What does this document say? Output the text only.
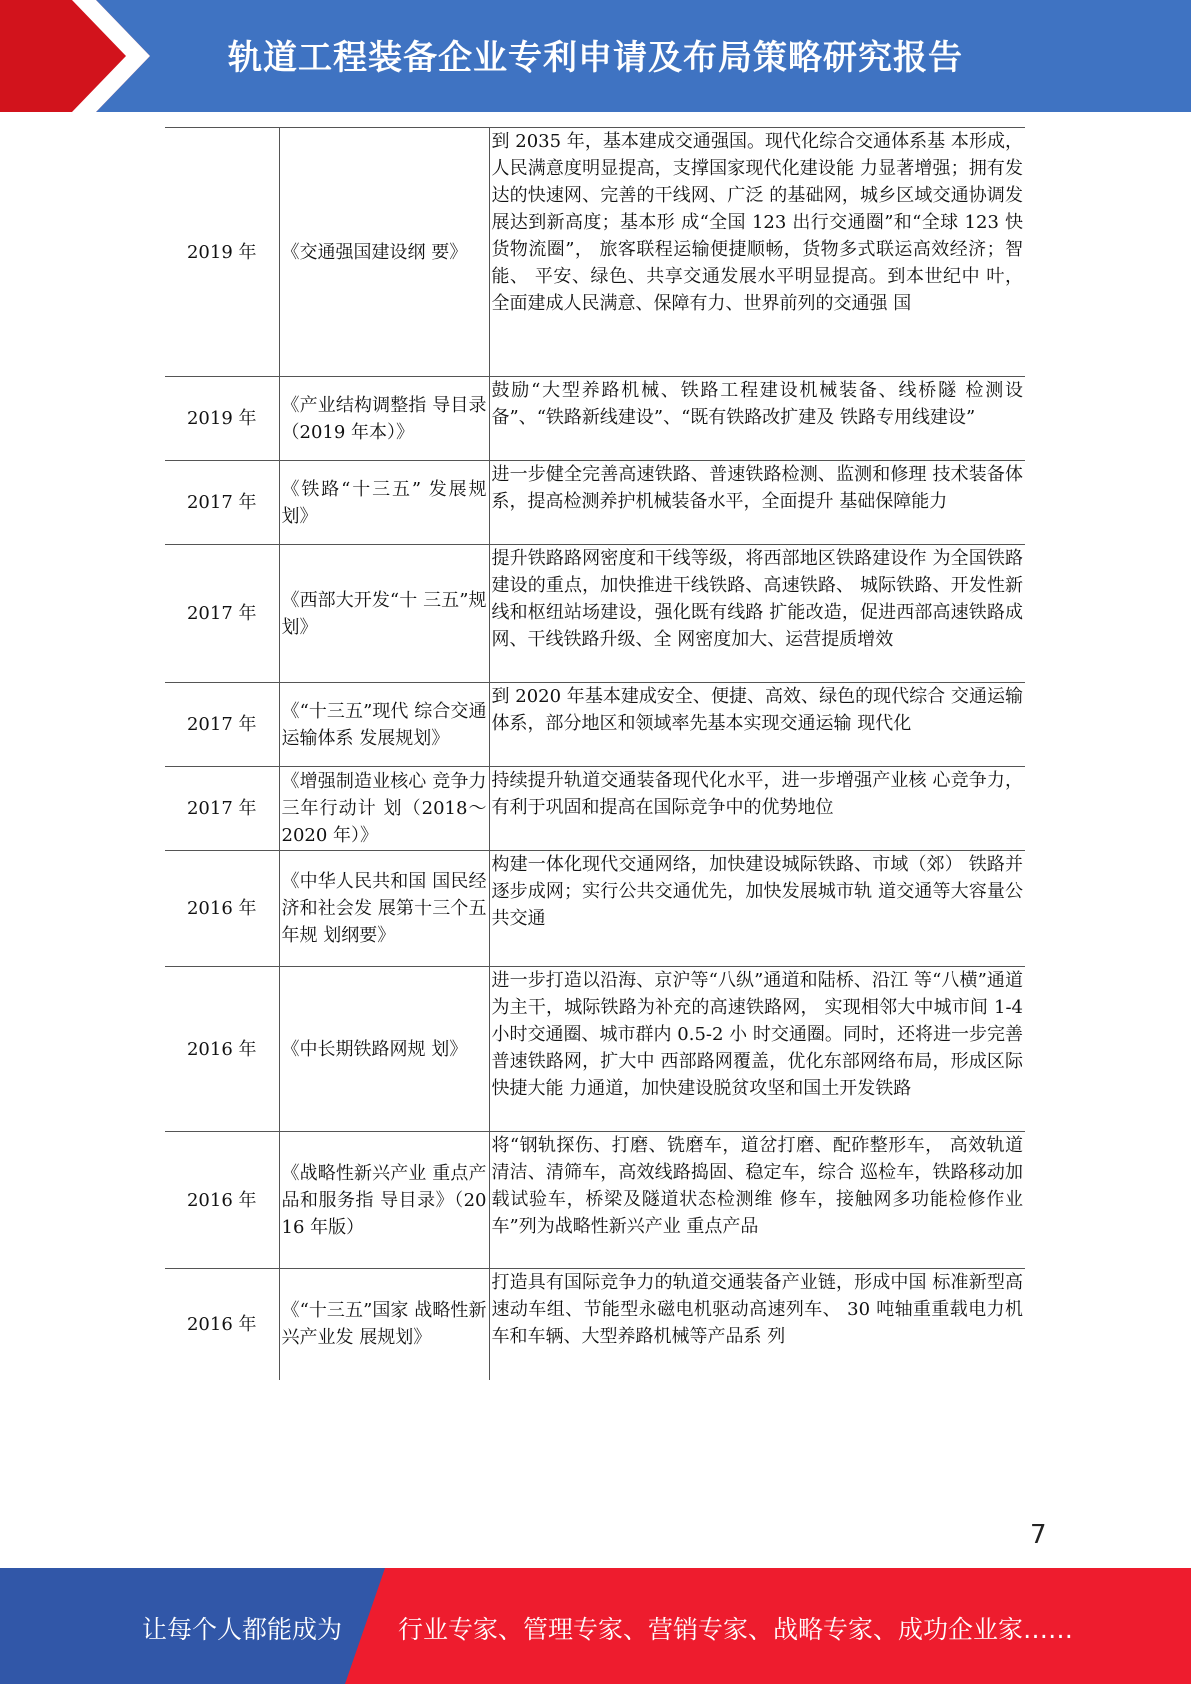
轨道工程装备企业专利申请及布局策略研究报告
2019 年	《交通强国建设纲 要》	到 2035 年，基本建成交通强国。现代化综合交通体系基 本形成，人民满意度明显提高，支撑国家现代化建设能 力显著增强；拥有发达的快速网、完善的干线网、广泛 的基础网，城乡区域交通协调发展达到新高度；基本形 成“全国 123 出行交通圈”和“全球 123 快货物流圈”， 旅客联程运输便捷顺畅，货物多式联运高效经济；智能、 平安、绿色、共享交通发展水平明显提高。到本世纪中 叶，全面建成人民满意、保障有力、世界前列的交通强 国
2019 年	《产业结构调整指 导目录（2019 年本）》	鼓励“大型养路机械、铁路工程建设机械装备、线桥隧 检测设备”、“铁路新线建设”、“既有铁路改扩建及 铁路专用线建设”
2017 年	《铁路“十三五” 发展规划》	进一步健全完善高速铁路、普速铁路检测、监测和修理 技术装备体系，提高检测养护机械装备水平，全面提升 基础保障能力
2017 年	《西部大开发“十 三五”规划》	提升铁路路网密度和干线等级，将西部地区铁路建设作 为全国铁路建设的重点，加快推进干线铁路、高速铁路、 城际铁路、开发性新线和枢纽站场建设，强化既有线路 扩能改造，促进西部高速铁路成网、干线铁路升级、全 网密度加大、运营提质增效
2017 年	《“十三五”现代 综合交通运输体系 发展规划》	到 2020 年基本建成安全、便捷、高效、绿色的现代综合 交通运输体系，部分地区和领域率先基本实现交通运输 现代化
2017 年	《增强制造业核心 竞争力三年行动计 划（2018～2020 年）》	持续提升轨道交通装备现代化水平，进一步增强产业核 心竞争力，有利于巩固和提高在国际竞争中的优势地位
2016 年	《中华人民共和国 国民经济和社会发 展第十三个五年规 划纲要》	构建一体化现代交通网络，加快建设城际铁路、市域（郊） 铁路并逐步成网；实行公共交通优先，加快发展城市轨 道交通等大容量公共交通
2016 年	《中长期铁路网规 划》	进一步打造以沿海、京沪等“八纵”通道和陆桥、沿江 等“八横”通道为主干，城际铁路为补充的高速铁路网， 实现相邻大中城市间 1-4 小时交通圈、城市群内 0.5-2 小 时交通圈。同时，还将进一步完善普速铁路网，扩大中 西部路网覆盖，优化东部网络布局，形成区际快捷大能 力通道，加快建设脱贫攻坚和国土开发铁路
2016 年	《战略性新兴产业 重点产品和服务指 导目录》（2016 年版）	将“钢轨探伤、打磨、铣磨车，道岔打磨、配砟整形车， 高效轨道清洁、清筛车，高效线路捣固、稳定车，综合 巡检车，铁路移动加载试验车，桥梁及隧道状态检测维 修车，接触网多功能检修作业车”列为战略性新兴产业 重点产品
2016 年	《“十三五”国家 战略性新兴产业发 展规划》	打造具有国际竞争力的轨道交通装备产业链，形成中国 标准新型高速动车组、节能型永磁电机驱动高速列车、 30 吨轴重重载电力机车和车辆、大型养路机械等产品系 列
7
让每个人都能成为 行业专家、管理专家、营销专家、战略专家、成功企业家……
